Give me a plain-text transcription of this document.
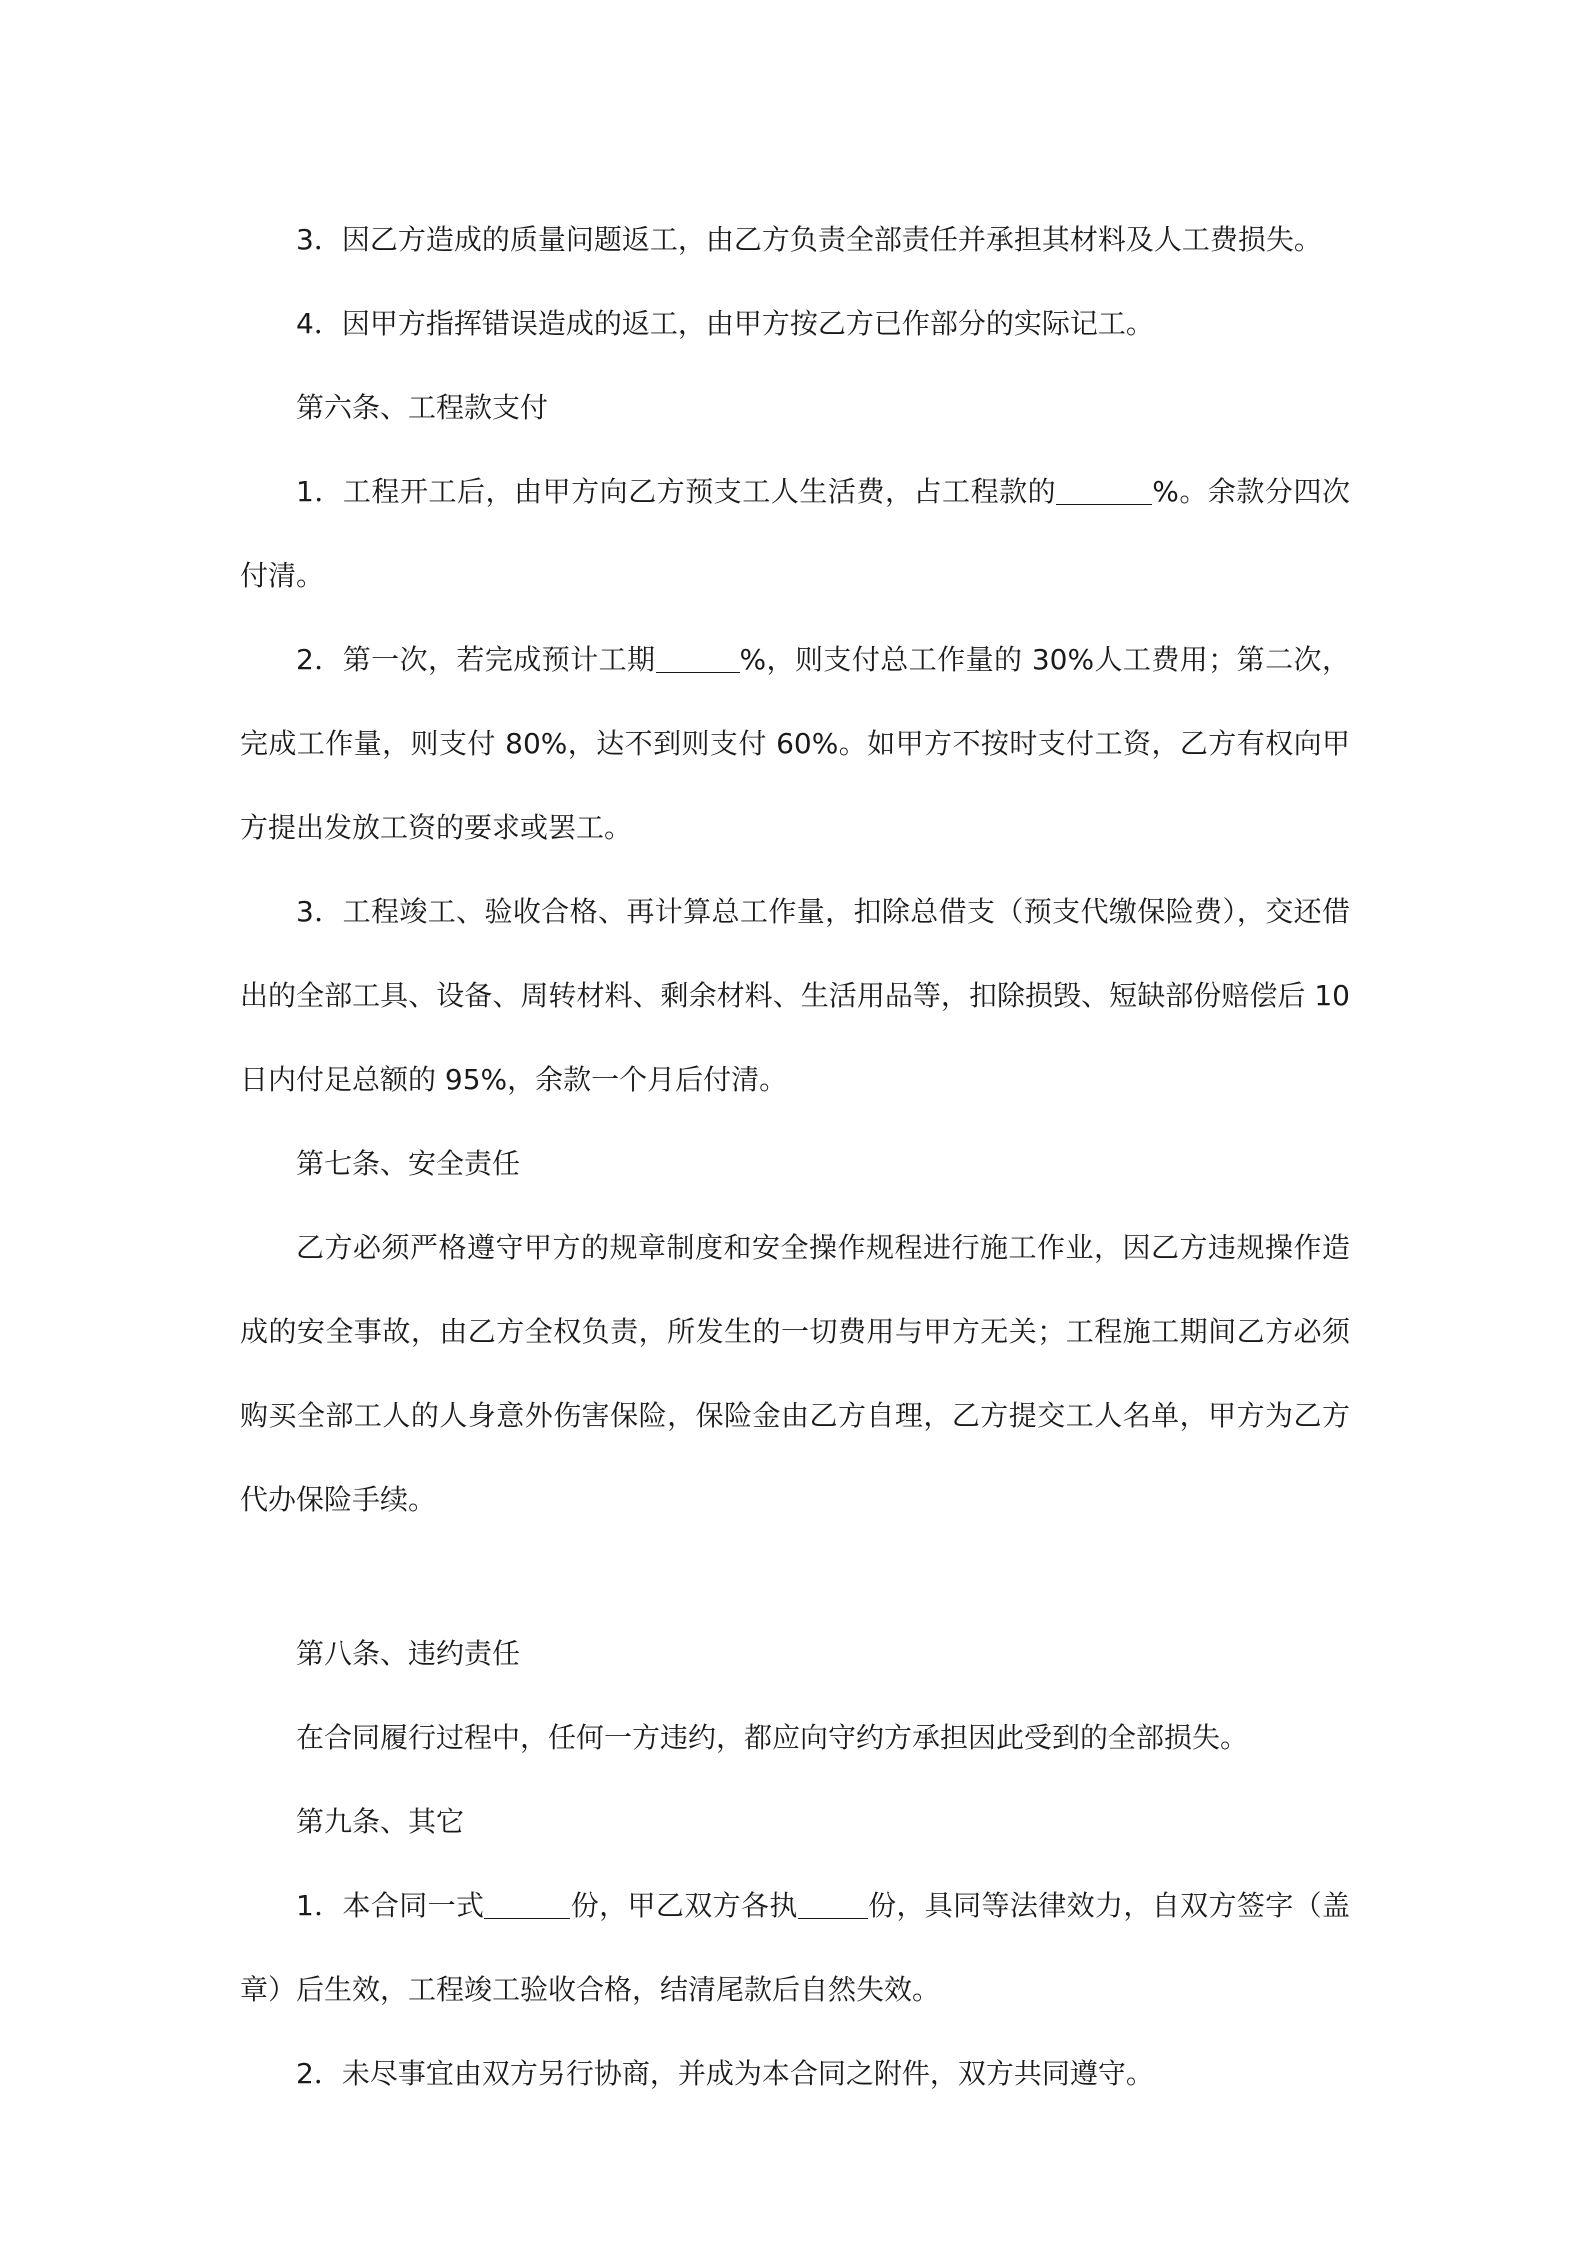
3．因乙方造成的质量问题返工，由乙方负责全部责任并承担其材料及人工费损失。

4．因甲方指挥错误造成的返工，由甲方按乙方已作部分的实际记工。

第六条、工程款支付

1．工程开工后，由甲方向乙方预支工人生活费，占工程款的	%。余款分四次付清。

2．第一次，若完成预计工期	%，则支付总工作量的 30%人工费用；第二次，完成工作量，则支付 80%，达不到则支付 60%。如甲方不按时支付工资，乙方有权向甲方提出发放工资的要求或罢工。

3．工程竣工、验收合格、再计算总工作量，扣除总借支（预支代缴保险费），交还借出的全部工具、设备、周转材料、剩余材料、生活用品等，扣除损毁、短缺部份赔偿后 10 日内付足总额的 95%，余款一个月后付清。

第七条、安全责任

乙方必须严格遵守甲方的规章制度和安全操作规程进行施工作业，因乙方违规操作造成的安全事故，由乙方全权负责，所发生的一切费用与甲方无关；工程施工期间乙方必须购买全部工人的人身意外伤害保险，保险金由乙方自理，乙方提交工人名单，甲方为乙方代办保险手续。

第八条、违约责任

在合同履行过程中，任何一方违约，都应向守约方承担因此受到的全部损失。

第九条、其它

1．本合同一式	份，甲乙双方各执	份，具同等法律效力，自双方签字（盖章）后生效，工程竣工验收合格，结清尾款后自然失效。

2．未尽事宜由双方另行协商，并成为本合同之附件，双方共同遵守。
